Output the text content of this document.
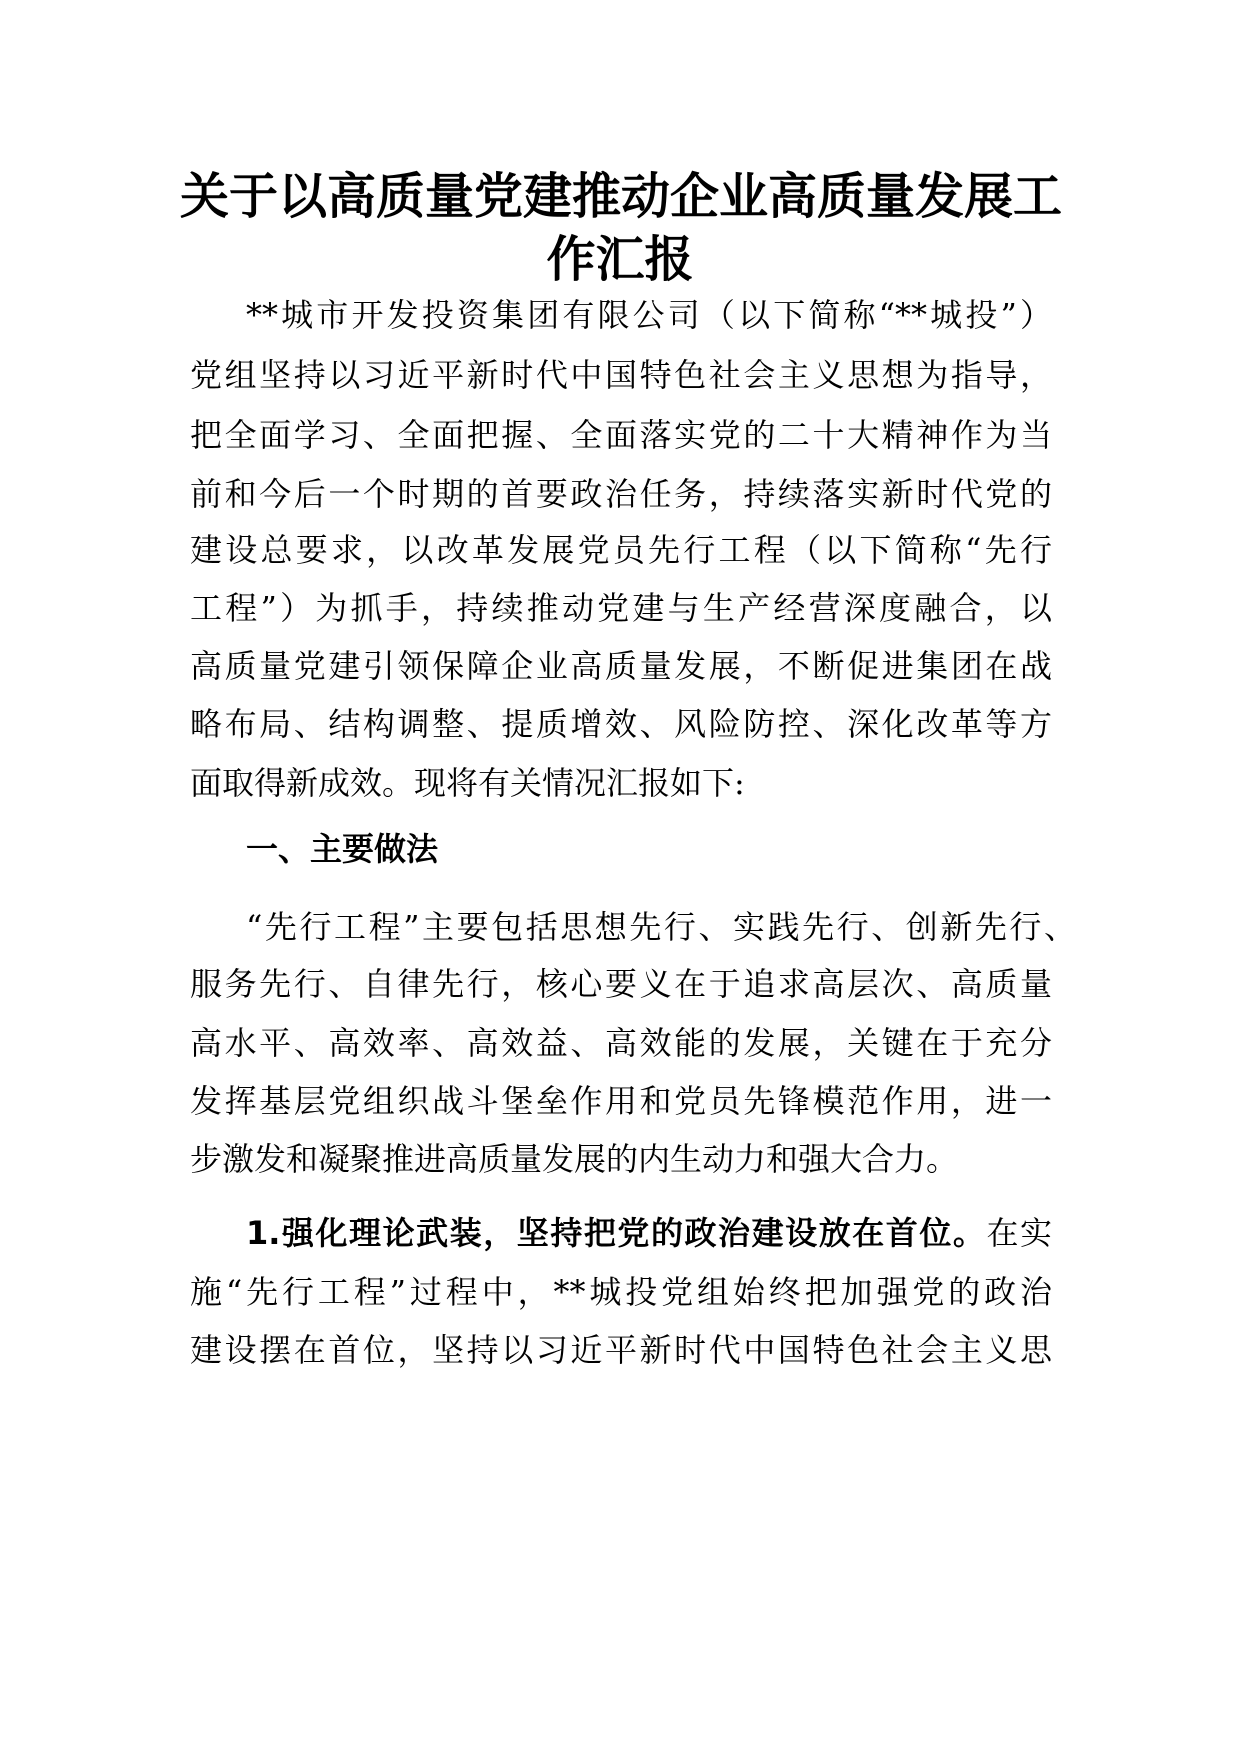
关于以高质量党建推动企业高质量发展工
作汇报

**城市开发投资集团有限公司（以下简称“**城投”）

党组坚持以习近平新时代中国特色社会主义思想为指导，

把全面学习、全面把握、全面落实党的二十大精神作为当

前和今后一个时期的首要政治任务，持续落实新时代党的

建设总要求，以改革发展党员先行工程（以下简称“先行

工程”）为抓手，持续推动党建与生产经营深度融合，以

高质量党建引领保障企业高质量发展，不断促进集团在战

略布局、结构调整、提质增效、风险防控、深化改革等方

面取得新成效。现将有关情况汇报如下:

一、主要做法

“先行工程”主要包括思想先行、实践先行、创新先行、

服务先行、自律先行，核心要义在于追求高层次、高质量

高水平、高效率、高效益、高效能的发展，关键在于充分

发挥基层党组织战斗堡垒作用和党员先锋模范作用，进一

步激发和凝聚推进高质量发展的内生动力和强大合力。

1.强化理论武装，坚持把党的政治建设放在首位。在实

施“先行工程”过程中，**城投党组始终把加强党的政治

建设摆在首位，坚持以习近平新时代中国特色社会主义思
